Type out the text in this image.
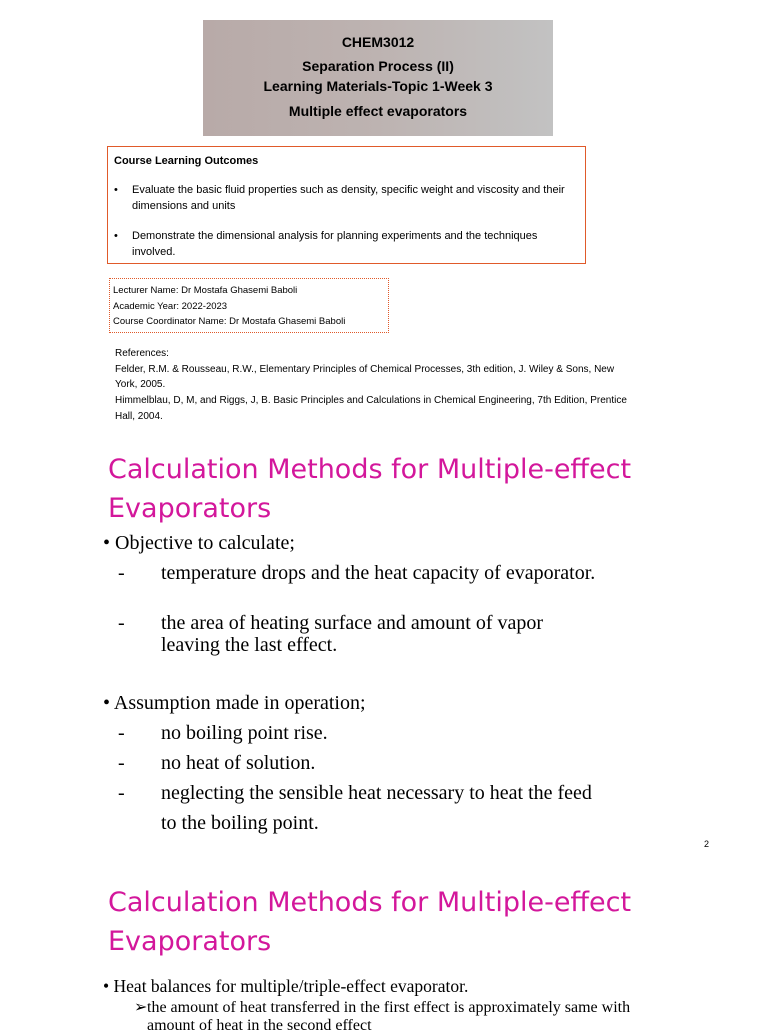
CHEM3012
Separation Process (II)
Learning Materials-Topic 1-Week 3
Multiple effect evaporators
Course Learning Outcomes
•	Evaluate the basic fluid properties such as density, specific weight and viscosity and their dimensions and units
•	Demonstrate the dimensional analysis for planning experiments and the techniques involved.
Lecturer Name: Dr Mostafa Ghasemi Baboli
Academic Year: 2022-2023
Course Coordinator Name: Dr Mostafa Ghasemi Baboli
References:
Felder, R.M. & Rousseau, R.W., Elementary Principles of Chemical Processes, 3th edition, J. Wiley & Sons, New York, 2005.
Himmelblau, D, M, and Riggs, J, B. Basic Principles and Calculations in Chemical Engineering, 7th Edition, Prentice Hall, 2004.
Calculation Methods for Multiple-effect Evaporators
• Objective to calculate;
-	temperature drops and the heat capacity of evaporator.
-	the area of heating surface and amount of vapor leaving the last effect.
• Assumption made in operation;
-	no boiling point rise.
-	no heat of solution.
-	neglecting the sensible heat necessary to heat the feed to the boiling point.
2
Calculation Methods for Multiple-effect Evaporators
• Heat balances for multiple/triple-effect evaporator.
➢ the amount of heat transferred in the first effect is approximately same with amount of heat in the second effect
